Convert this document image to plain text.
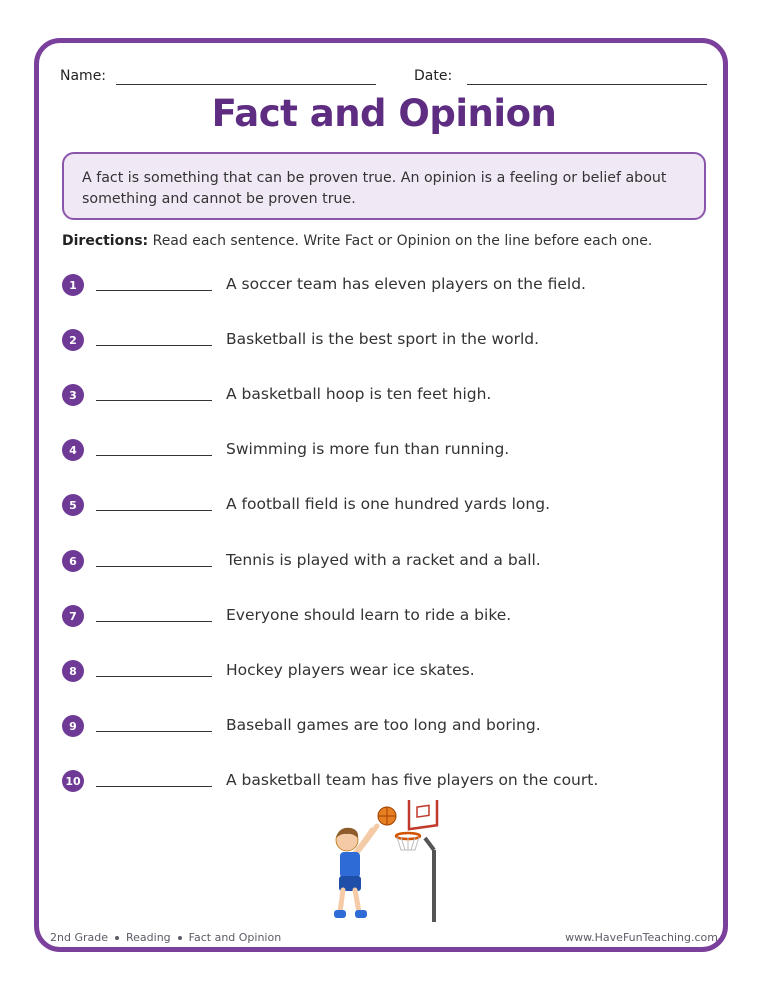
Name:	Date:
Fact and Opinion
A fact is something that can be proven true. An opinion is a feeling or belief about something and cannot be proven true.
Directions: Read each sentence. Write Fact or Opinion on the line before each one.
1	A soccer team has eleven players on the field.
2	Basketball is the best sport in the world.
3	A basketball hoop is ten feet high.
4	Swimming is more fun than running.
5	A football field is one hundred yards long.
6	Tennis is played with a racket and a ball.
7	Everyone should learn to ride a bike.
8	Hockey players wear ice skates.
9	Baseball games are too long and boring.
10	A basketball team has five players on the court.
2nd Grade Reading Fact and Opinion	www.HaveFunTeaching.com
